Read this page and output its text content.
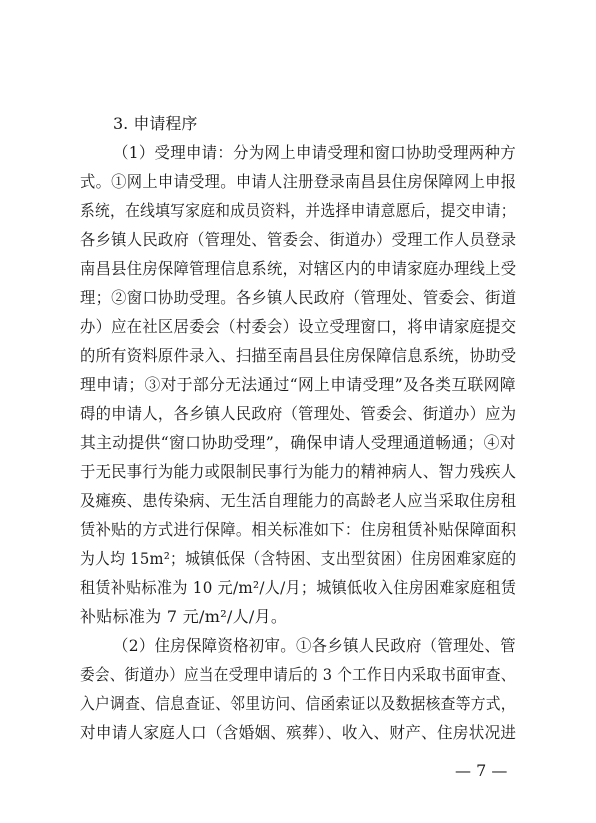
3. 申请程序
（1）受理申请：分为网上申请受理和窗口协助受理两种方
式。①网上申请受理。申请人注册登录南昌县住房保障网上申报
系统，在线填写家庭和成员资料，并选择申请意愿后，提交申请；
各乡镇人民政府（管理处、管委会、街道办）受理工作人员登录
南昌县住房保障管理信息系统，对辖区内的申请家庭办理线上受
理；②窗口协助受理。各乡镇人民政府（管理处、管委会、街道
办）应在社区居委会（村委会）设立受理窗口，将申请家庭提交
的所有资料原件录入、扫描至南昌县住房保障信息系统，协助受
理申请；③对于部分无法通过“网上申请受理”及各类互联网障
碍的申请人，各乡镇人民政府（管理处、管委会、街道办）应为
其主动提供“窗口协助受理”，确保申请人受理通道畅通；④对
于无民事行为能力或限制民事行为能力的精神病人、智力残疾人
及瘫痪、患传染病、无生活自理能力的高龄老人应当采取住房租
赁补贴的方式进行保障。相关标准如下：住房租赁补贴保障面积
为人均 15m²；城镇低保（含特困、支出型贫困）住房困难家庭的
租赁补贴标准为 10 元/m²/人/月；城镇低收入住房困难家庭租赁
补贴标准为 7 元/m²/人/月。
（2）住房保障资格初审。①各乡镇人民政府（管理处、管
委会、街道办）应当在受理申请后的 3 个工作日内采取书面审查、
入户调查、信息查证、邻里访问、信函索证以及数据核查等方式，
对申请人家庭人口（含婚姻、殡葬）、收入、财产、住房状况进
— 7 —
